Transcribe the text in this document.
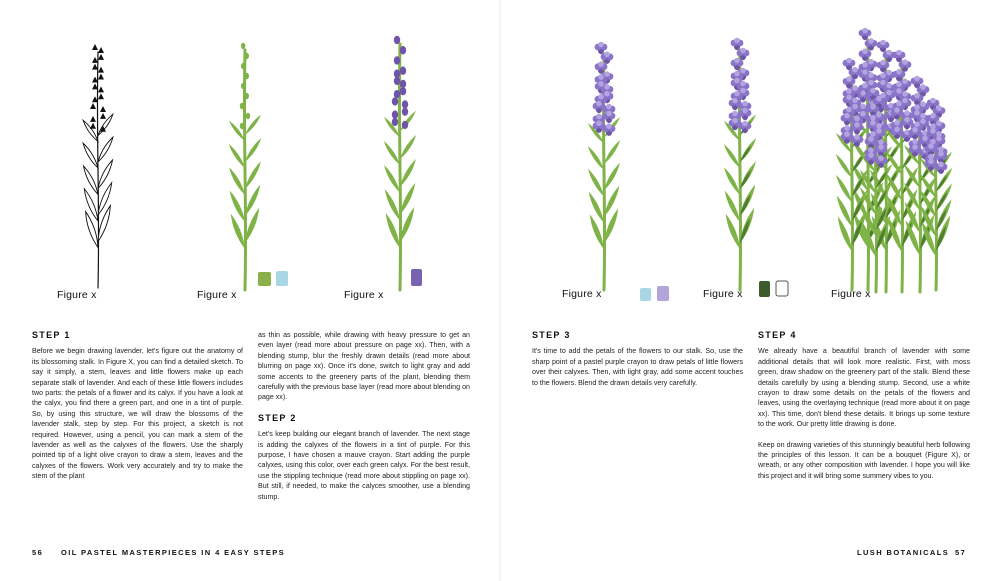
Figure x	Figure x	Figure x	Figure x	Figure x	Figure x
STEP 1

Before we begin drawing lavender, let's figure out the anatomy of its blossoming stalk. In Figure X, you can find a detailed sketch. To say it simply, a stem, leaves and little flowers make up each separate stalk of lavender. And each of these little flowers includes two parts: the petals of a flower and its calyx. If you have a look at the calyx, you find there a green part, and one in a tint of purple. So, by using this structure, we will draw the blossoms of the lavender stalk, step by step. For this project, a sketch is not required. However, using a pencil, you can mark a stem of the lavender as well as the calyxes of the flowers. Use the sharply pointed tip of a light olive crayon to draw a stem, leaves and the calyxes of the flowers. Work very accurately and try to make the stem of the plant

as thin as possible, while drawing with heavy pressure to get an even layer (read more about pressure on page xx). Then, with a blending stump, blur the freshly drawn details (read more about blurring on page xx). Once it's done, switch to light gray and add some accents to the greenery parts of the plant, blending them carefully with the previous base layer (read more about blending on page xx).

STEP 2

Let's keep building our elegant branch of lavender. The next stage is adding the calyxes of the flowers in a tint of purple. For this purpose, I have chosen a mauve crayon. Start adding the purple calyxes, using this color, over each green calyx. For the best result, use the stippling technique (read more about stippling on page xx). But still, if needed, to make the calyces smoother, use a blending stump.

STEP 3

It's time to add the petals of the flowers to our stalk. So, use the sharp point of a pastel purple crayon to draw petals of little flowers over their calyxes. Then, with light gray, add some accent touches to the flowers. Blend the drawn details very carefully.

STEP 4

We already have a beautiful branch of lavender with some additional details that will look more realistic. First, with moss green, draw shadow on the greenery part of the stalk. Blend these details carefully by using a blending stump. Second, use a white crayon to draw some details on the petals of the flowers and leaves, using the overlaying technique (read more about it on page xx). This time, don't blend these details. It brings up some texture to the work. Our pretty little drawing is done.

Keep on drawing varieties of this stunningly beautiful herb following the principles of this lesson. It can be a bouquet (Figure X), or wreath, or any other composition with lavender. I hope you will like this project and it will bring some summery vibes to you.

56 OIL PASTEL MASTERPIECES IN 4 EASY STEPS	LUSH BOTANICALS 57
